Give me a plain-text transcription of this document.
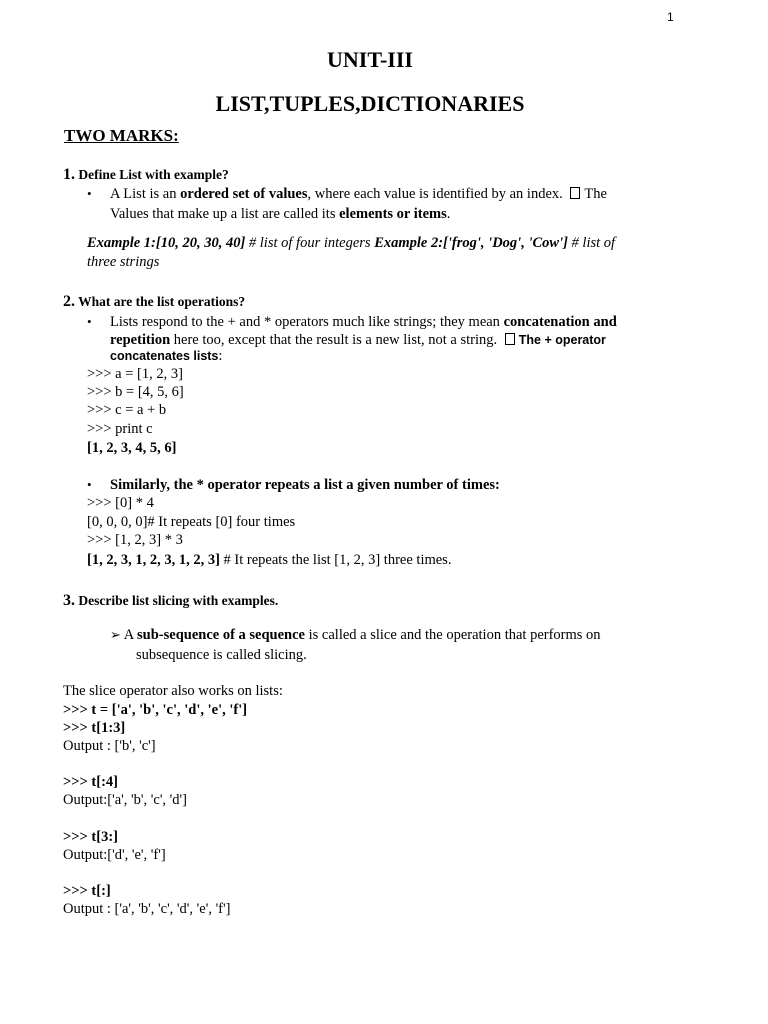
1
UNIT-III
LIST,TUPLES,DICTIONARIES
TWO MARKS:
1. Define List with example?
• A List is an ordered set of values, where each value is identified by an index. The
Values that make up a list are called its elements or items.
Example 1:[10, 20, 30, 40] # list of four integers Example 2:['frog', 'Dog', 'Cow'] # list of
three strings
2. What are the list operations?
• Lists respond to the + and * operators much like strings; they mean concatenation and
repetition here too, except that the result is a new list, not a string. The + operator
concatenates lists:
>>> a = [1, 2, 3]
>>> b = [4, 5, 6]
>>> c = a + b
>>> print c
[1, 2, 3, 4, 5, 6]
• Similarly, the * operator repeats a list a given number of times:
>>> [0] * 4
[0, 0, 0, 0]# It repeats [0] four times
>>> [1, 2, 3] * 3
[1, 2, 3, 1, 2, 3, 1, 2, 3] # It repeats the list [1, 2, 3] three times.
3. Describe list slicing with examples.
➢ A sub-sequence of a sequence is called a slice and the operation that performs on
subsequence is called slicing.
The slice operator also works on lists:
>>> t = ['a', 'b', 'c', 'd', 'e', 'f']
>>> t[1:3]
Output : ['b', 'c']
>>> t[:4]
Output:['a', 'b', 'c', 'd']
>>> t[3:]
Output:['d', 'e', 'f']
>>> t[:]
Output : ['a', 'b', 'c', 'd', 'e', 'f']
